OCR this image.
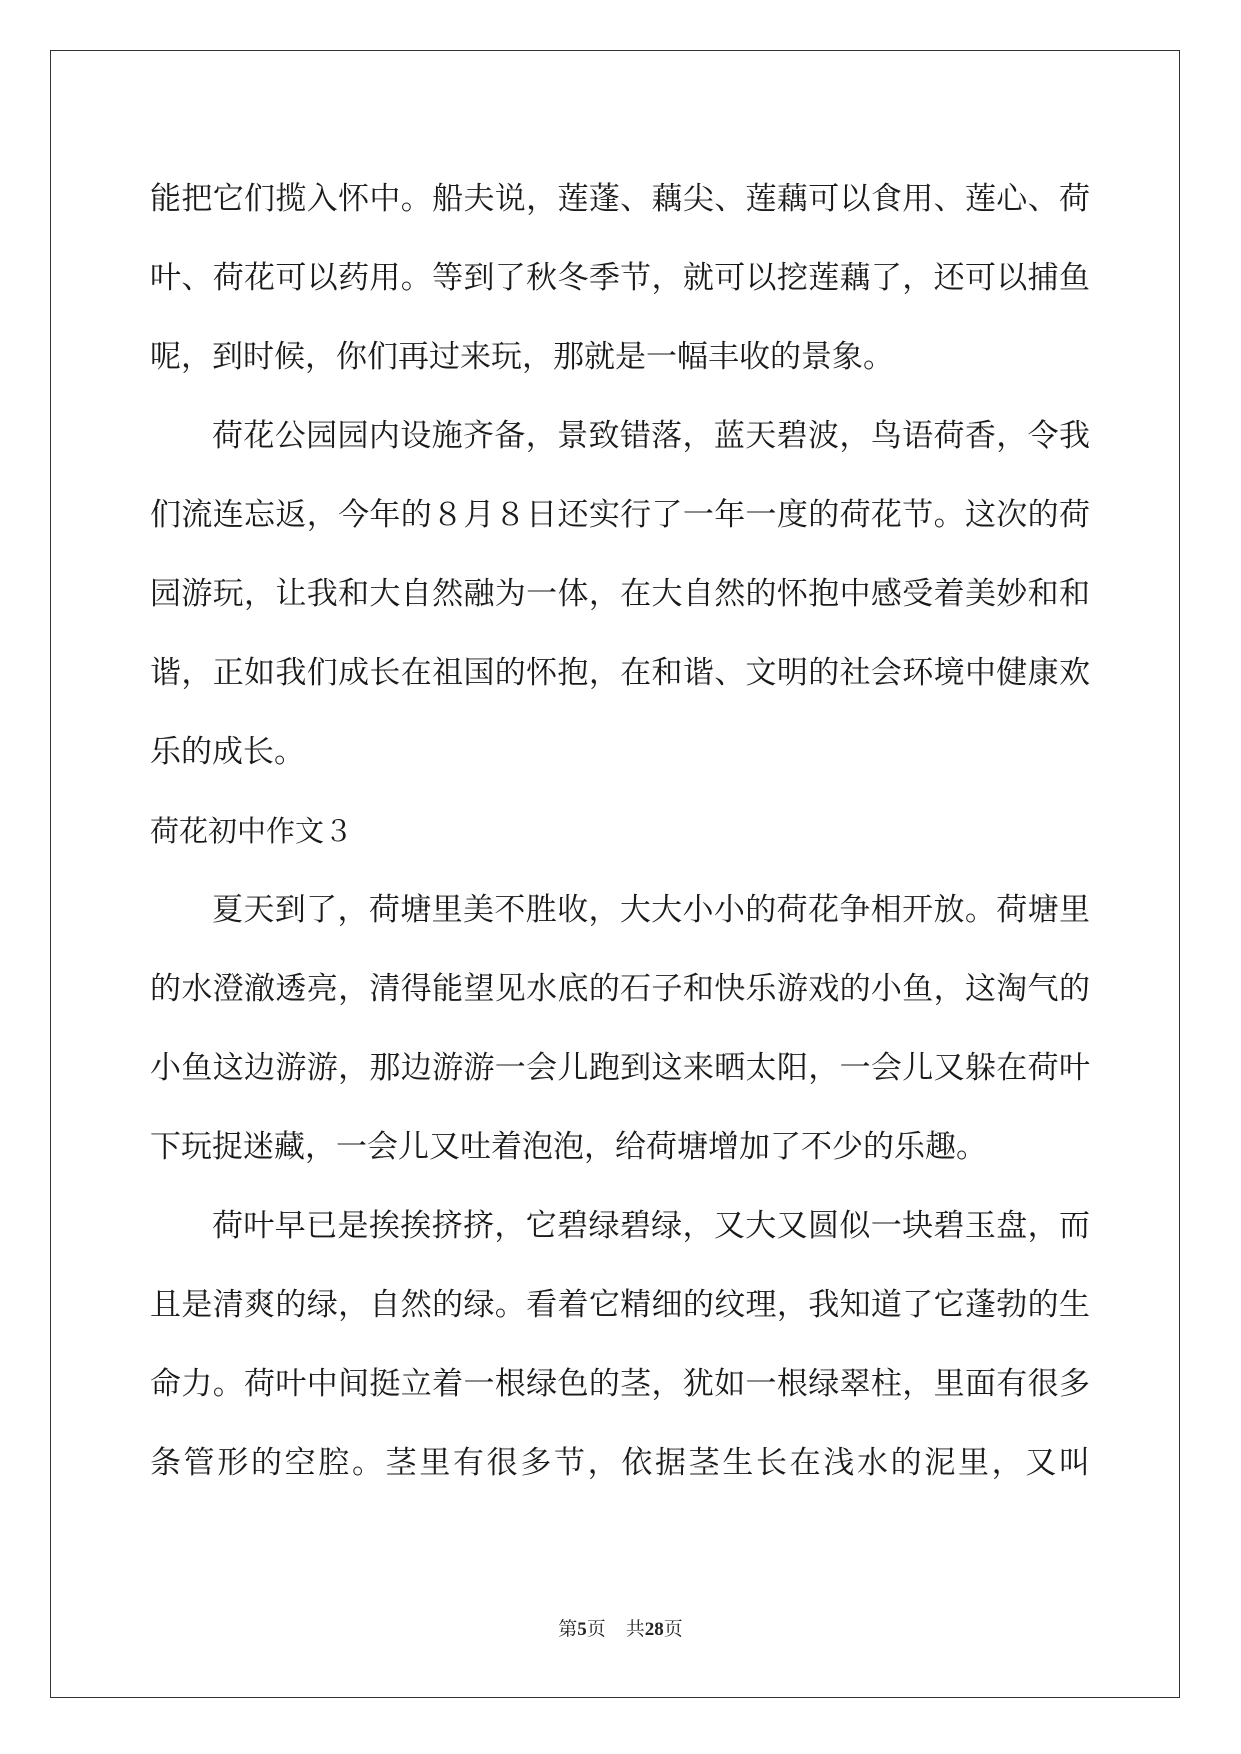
能把它们揽入怀中。船夫说，莲蓬、藕尖、莲藕可以食用、莲心、荷

叶、荷花可以药用。等到了秋冬季节，就可以挖莲藕了，还可以捕鱼

呢，到时候，你们再过来玩，那就是一幅丰收的景象。

荷花公园园内设施齐备，景致错落，蓝天碧波，鸟语荷香，令我

们流连忘返，今年的８月８日还实行了一年一度的荷花节。这次的荷

园游玩，让我和大自然融为一体，在大自然的怀抱中感受着美妙和和

谐，正如我们成长在祖国的怀抱，在和谐、文明的社会环境中健康欢

乐的成长。

荷花初中作文３

夏天到了，荷塘里美不胜收，大大小小的荷花争相开放。荷塘里

的水澄澈透亮，清得能望见水底的石子和快乐游戏的小鱼，这淘气的

小鱼这边游游，那边游游一会儿跑到这来晒太阳，一会儿又躲在荷叶

下玩捉迷藏，一会儿又吐着泡泡，给荷塘增加了不少的乐趣。

荷叶早已是挨挨挤挤，它碧绿碧绿，又大又圆似一块碧玉盘，而

且是清爽的绿，自然的绿。看着它精细的纹理，我知道了它蓬勃的生

命力。荷叶中间挺立着一根绿色的茎，犹如一根绿翠柱，里面有很多

条管形的空腔。茎里有很多节，依据茎生长在浅水的泥里，又叫

第5页 共28页
